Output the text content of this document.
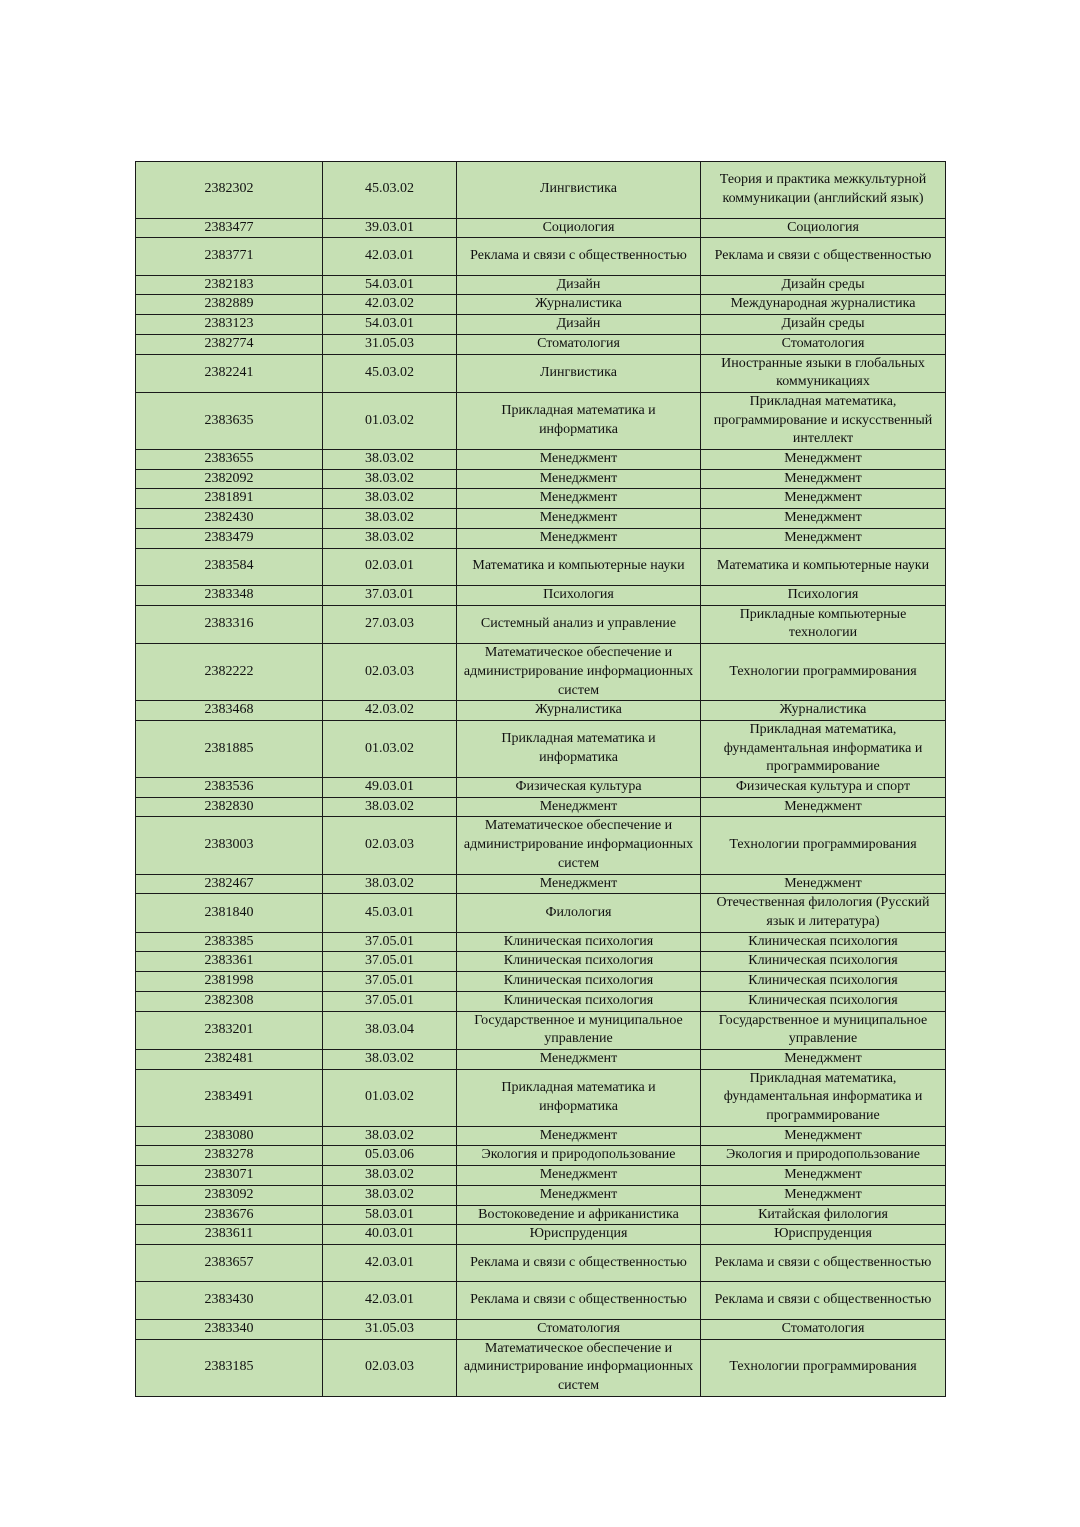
2382302	45.03.02	Лингвистика	Теория и практика межкультурной коммуникации (английский язык)
2383477	39.03.01	Социология	Социология
2383771	42.03.01	Реклама и связи с общественностью	Реклама и связи с общественностью
2382183	54.03.01	Дизайн	Дизайн среды
2382889	42.03.02	Журналистика	Международная журналистика
2383123	54.03.01	Дизайн	Дизайн среды
2382774	31.05.03	Стоматология	Стоматология
2382241	45.03.02	Лингвистика	Иностранные языки в глобальных коммуникациях
2383635	01.03.02	Прикладная математика и информатика	Прикладная математика, программирование и искусственный интеллект
2383655	38.03.02	Менеджмент	Менеджмент
2382092	38.03.02	Менеджмент	Менеджмент
2381891	38.03.02	Менеджмент	Менеджмент
2382430	38.03.02	Менеджмент	Менеджмент
2383479	38.03.02	Менеджмент	Менеджмент
2383584	02.03.01	Математика и компьютерные науки	Математика и компьютерные науки
2383348	37.03.01	Психология	Психология
2383316	27.03.03	Системный анализ и управление	Прикладные компьютерные технологии
2382222	02.03.03	Математическое обеспечение и администрирование информационных систем	Технологии программирования
2383468	42.03.02	Журналистика	Журналистика
2381885	01.03.02	Прикладная математика и информатика	Прикладная математика, фундаментальная информатика и программирование
2383536	49.03.01	Физическая культура	Физическая культура и спорт
2382830	38.03.02	Менеджмент	Менеджмент
2383003	02.03.03	Математическое обеспечение и администрирование информационных систем	Технологии программирования
2382467	38.03.02	Менеджмент	Менеджмент
2381840	45.03.01	Филология	Отечественная филология (Русский язык и литература)
2383385	37.05.01	Клиническая психология	Клиническая психология
2383361	37.05.01	Клиническая психология	Клиническая психология
2381998	37.05.01	Клиническая психология	Клиническая психология
2382308	37.05.01	Клиническая психология	Клиническая психология
2383201	38.03.04	Государственное и муниципальное управление	Государственное и муниципальное управление
2382481	38.03.02	Менеджмент	Менеджмент
2383491	01.03.02	Прикладная математика и информатика	Прикладная математика, фундаментальная информатика и программирование
2383080	38.03.02	Менеджмент	Менеджмент
2383278	05.03.06	Экология и природопользование	Экология и природопользование
2383071	38.03.02	Менеджмент	Менеджмент
2383092	38.03.02	Менеджмент	Менеджмент
2383676	58.03.01	Востоковедение и африканистика	Китайская филология
2383611	40.03.01	Юриспруденция	Юриспруденция
2383657	42.03.01	Реклама и связи с общественностью	Реклама и связи с общественностью
2383430	42.03.01	Реклама и связи с общественностью	Реклама и связи с общественностью
2383340	31.05.03	Стоматология	Стоматология
2383185	02.03.03	Математическое обеспечение и администрирование информационных систем	Технологии программирования
